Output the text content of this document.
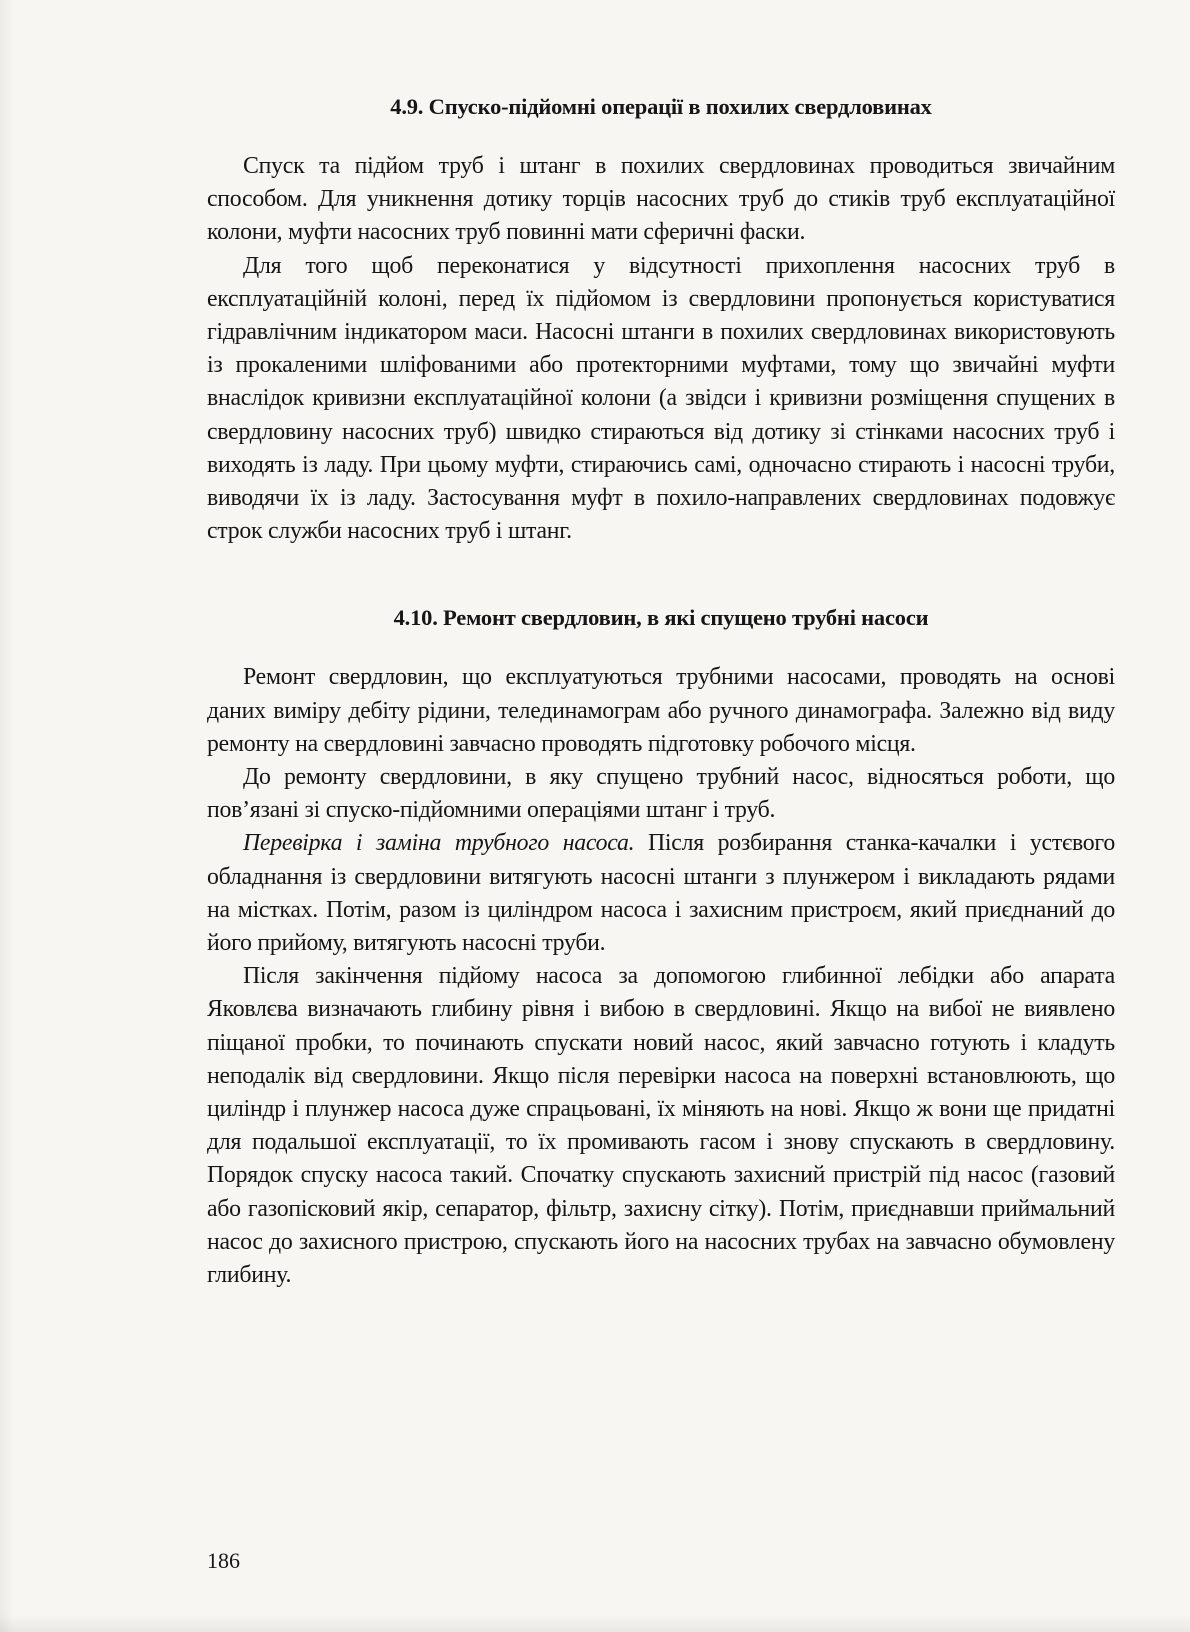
4.9. Спуско-підйомні операції в похилих свердловинах

Спуск та підйом труб і штанг в похилих свердловинах проводиться звичайним способом. Для уникнення дотику торців насосних труб до стиків труб експлуатаційної колони, муфти насосних труб повинні мати сферичні фаски.

Для того щоб переконатися у відсутності прихоплення насосних труб в експлуатаційній колоні, перед їх підйомом із свердловини пропонується користуватися гідравлічним індикатором маси. Насосні штанги в похилих свердловинах використовують із прокаленими шліфованими або протекторними муфтами, тому що звичайні муфти внаслідок кривизни експлуатаційної колони (а звідси і кривизни розміщення спущених в свердловину насосних труб) швидко стираються від дотику зі стінками насосних труб і виходять із ладу. При цьому муфти, стираючись самі, одночасно стирають і насосні труби, виводячи їх із ладу. Застосування муфт в похило-направлених свердловинах подовжує строк служби насосних труб і штанг.

4.10. Ремонт свердловин, в які спущено трубні насоси

Ремонт свердловин, що експлуатуються трубними насосами, проводять на основі даних виміру дебіту рідини, телединамограм або ручного динамографа. Залежно від виду ремонту на свердловині завчасно проводять підготовку робочого місця.

До ремонту свердловини, в яку спущено трубний насос, відносяться роботи, що пов’язані зі спуско-підйомними операціями штанг і труб.

Перевірка і заміна трубного насоса. Після розбирання станка-качалки і устєвого обладнання із свердловини витягують насосні штанги з плунжером і викладають рядами на містках. Потім, разом із циліндром насоса і захисним пристроєм, який приєднаний до його прийому, витягують насосні труби.

Після закінчення підйому насоса за допомогою глибинної лебідки або апарата Яковлєва визначають глибину рівня і вибою в свердловині. Якщо на вибої не виявлено піщаної пробки, то починають спускати новий насос, який завчасно готують і кладуть неподалік від свердловини. Якщо після перевірки насоса на поверхні встановлюють, що циліндр і плунжер насоса дуже спрацьовані, їх міняють на нові. Якщо ж вони ще придатні для подальшої експлуатації, то їх промивають гасом і знову спускають в свердловину. Порядок спуску насоса такий. Спочатку спускають захисний пристрій під насос (газовий або газопісковий якір, сепаратор, фільтр, захисну сітку). Потім, приєднавши приймальний насос до захисного пристрою, спускають його на насосних трубах на завчасно обумовлену глибину.

186
